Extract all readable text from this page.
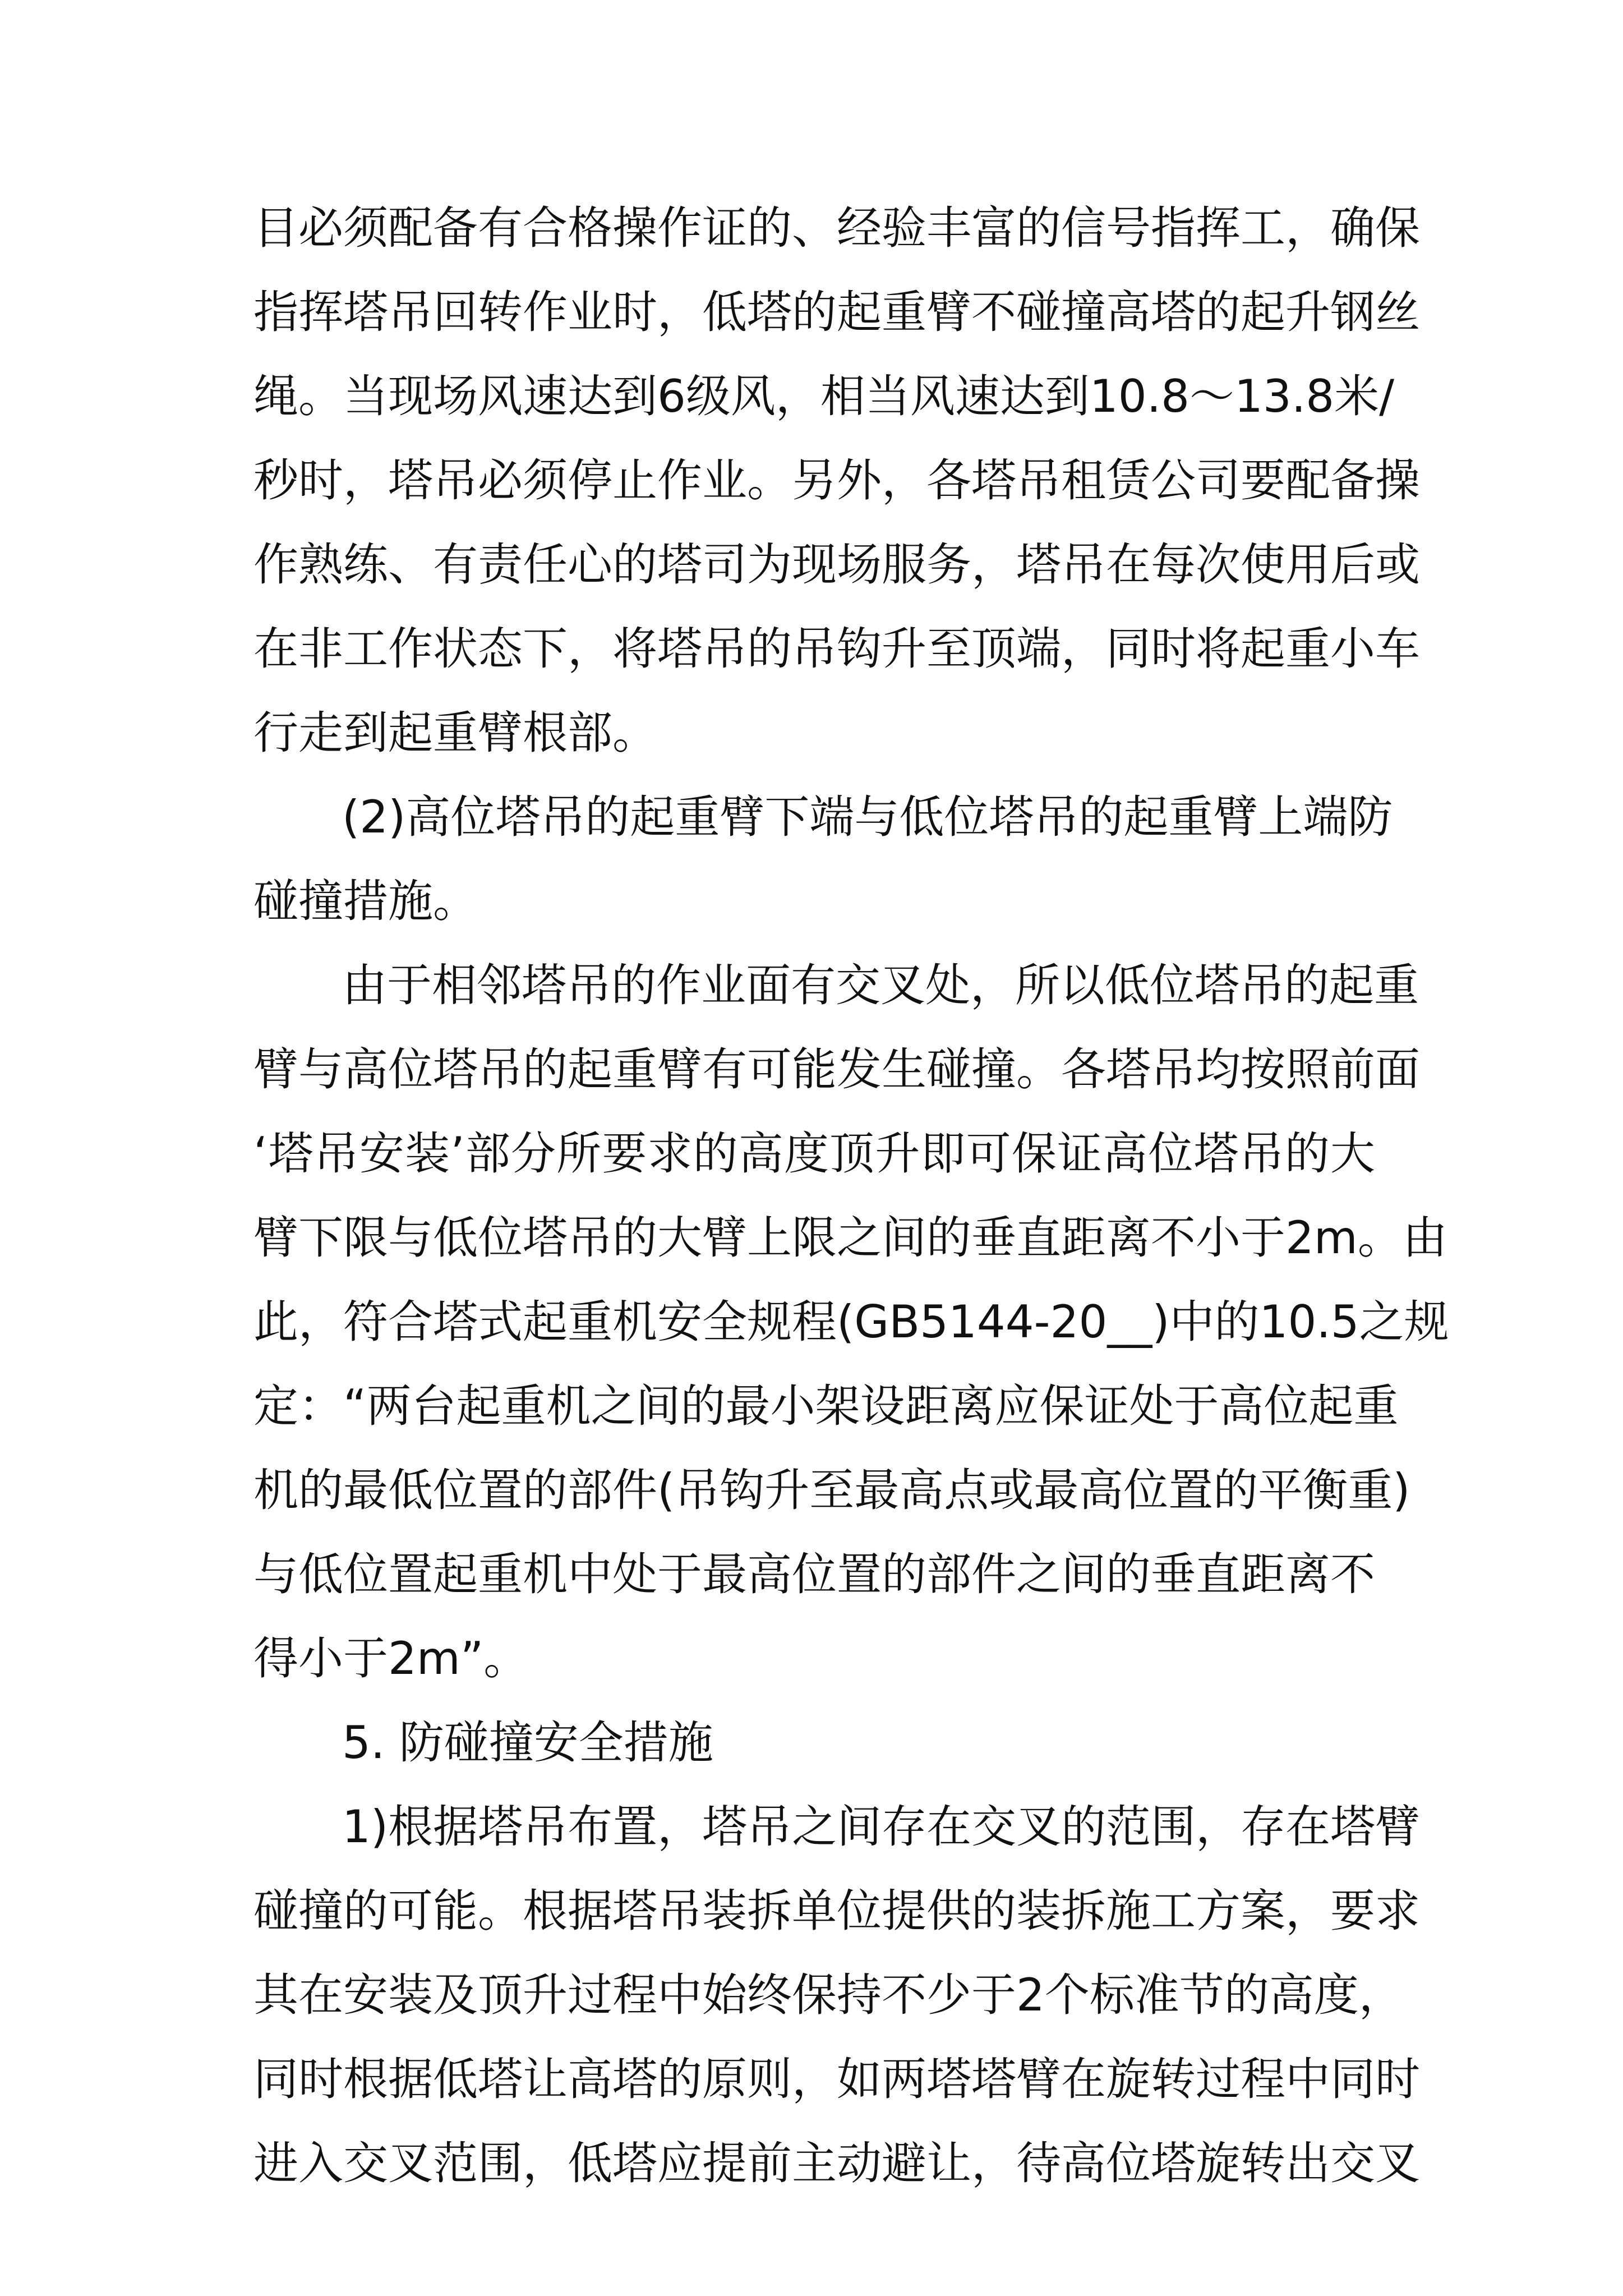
目必须配备有合格操作证的、经验丰富的信号指挥工，确保
指挥塔吊回转作业时，低塔的起重臂不碰撞高塔的起升钢丝
绳。当现场风速达到6级风，相当风速达到10.8～13.8米/
秒时，塔吊必须停止作业。另外，各塔吊租赁公司要配备操
作熟练、有责任心的塔司为现场服务，塔吊在每次使用后或
在非工作状态下，将塔吊的吊钩升至顶端，同时将起重小车
行走到起重臂根部。
(2)高位塔吊的起重臂下端与低位塔吊的起重臂上端防
碰撞措施。
由于相邻塔吊的作业面有交叉处，所以低位塔吊的起重
臂与高位塔吊的起重臂有可能发生碰撞。各塔吊均按照前面
‘塔吊安装’部分所要求的高度顶升即可保证高位塔吊的大
臂下限与低位塔吊的大臂上限之间的垂直距离不小于2m。由
此，符合塔式起重机安全规程(GB5144-20__)中的10.5之规
定：“两台起重机之间的最小架设距离应保证处于高位起重
机的最低位置的部件(吊钩升至最高点或最高位置的平衡重)
与低位置起重机中处于最高位置的部件之间的垂直距离不
得小于2m”。
5. 防碰撞安全措施
1)根据塔吊布置，塔吊之间存在交叉的范围，存在塔臂
碰撞的可能。根据塔吊装拆单位提供的装拆施工方案，要求
其在安装及顶升过程中始终保持不少于2个标准节的高度，
同时根据低塔让高塔的原则，如两塔塔臂在旋转过程中同时
进入交叉范围，低塔应提前主动避让，待高位塔旋转出交叉
